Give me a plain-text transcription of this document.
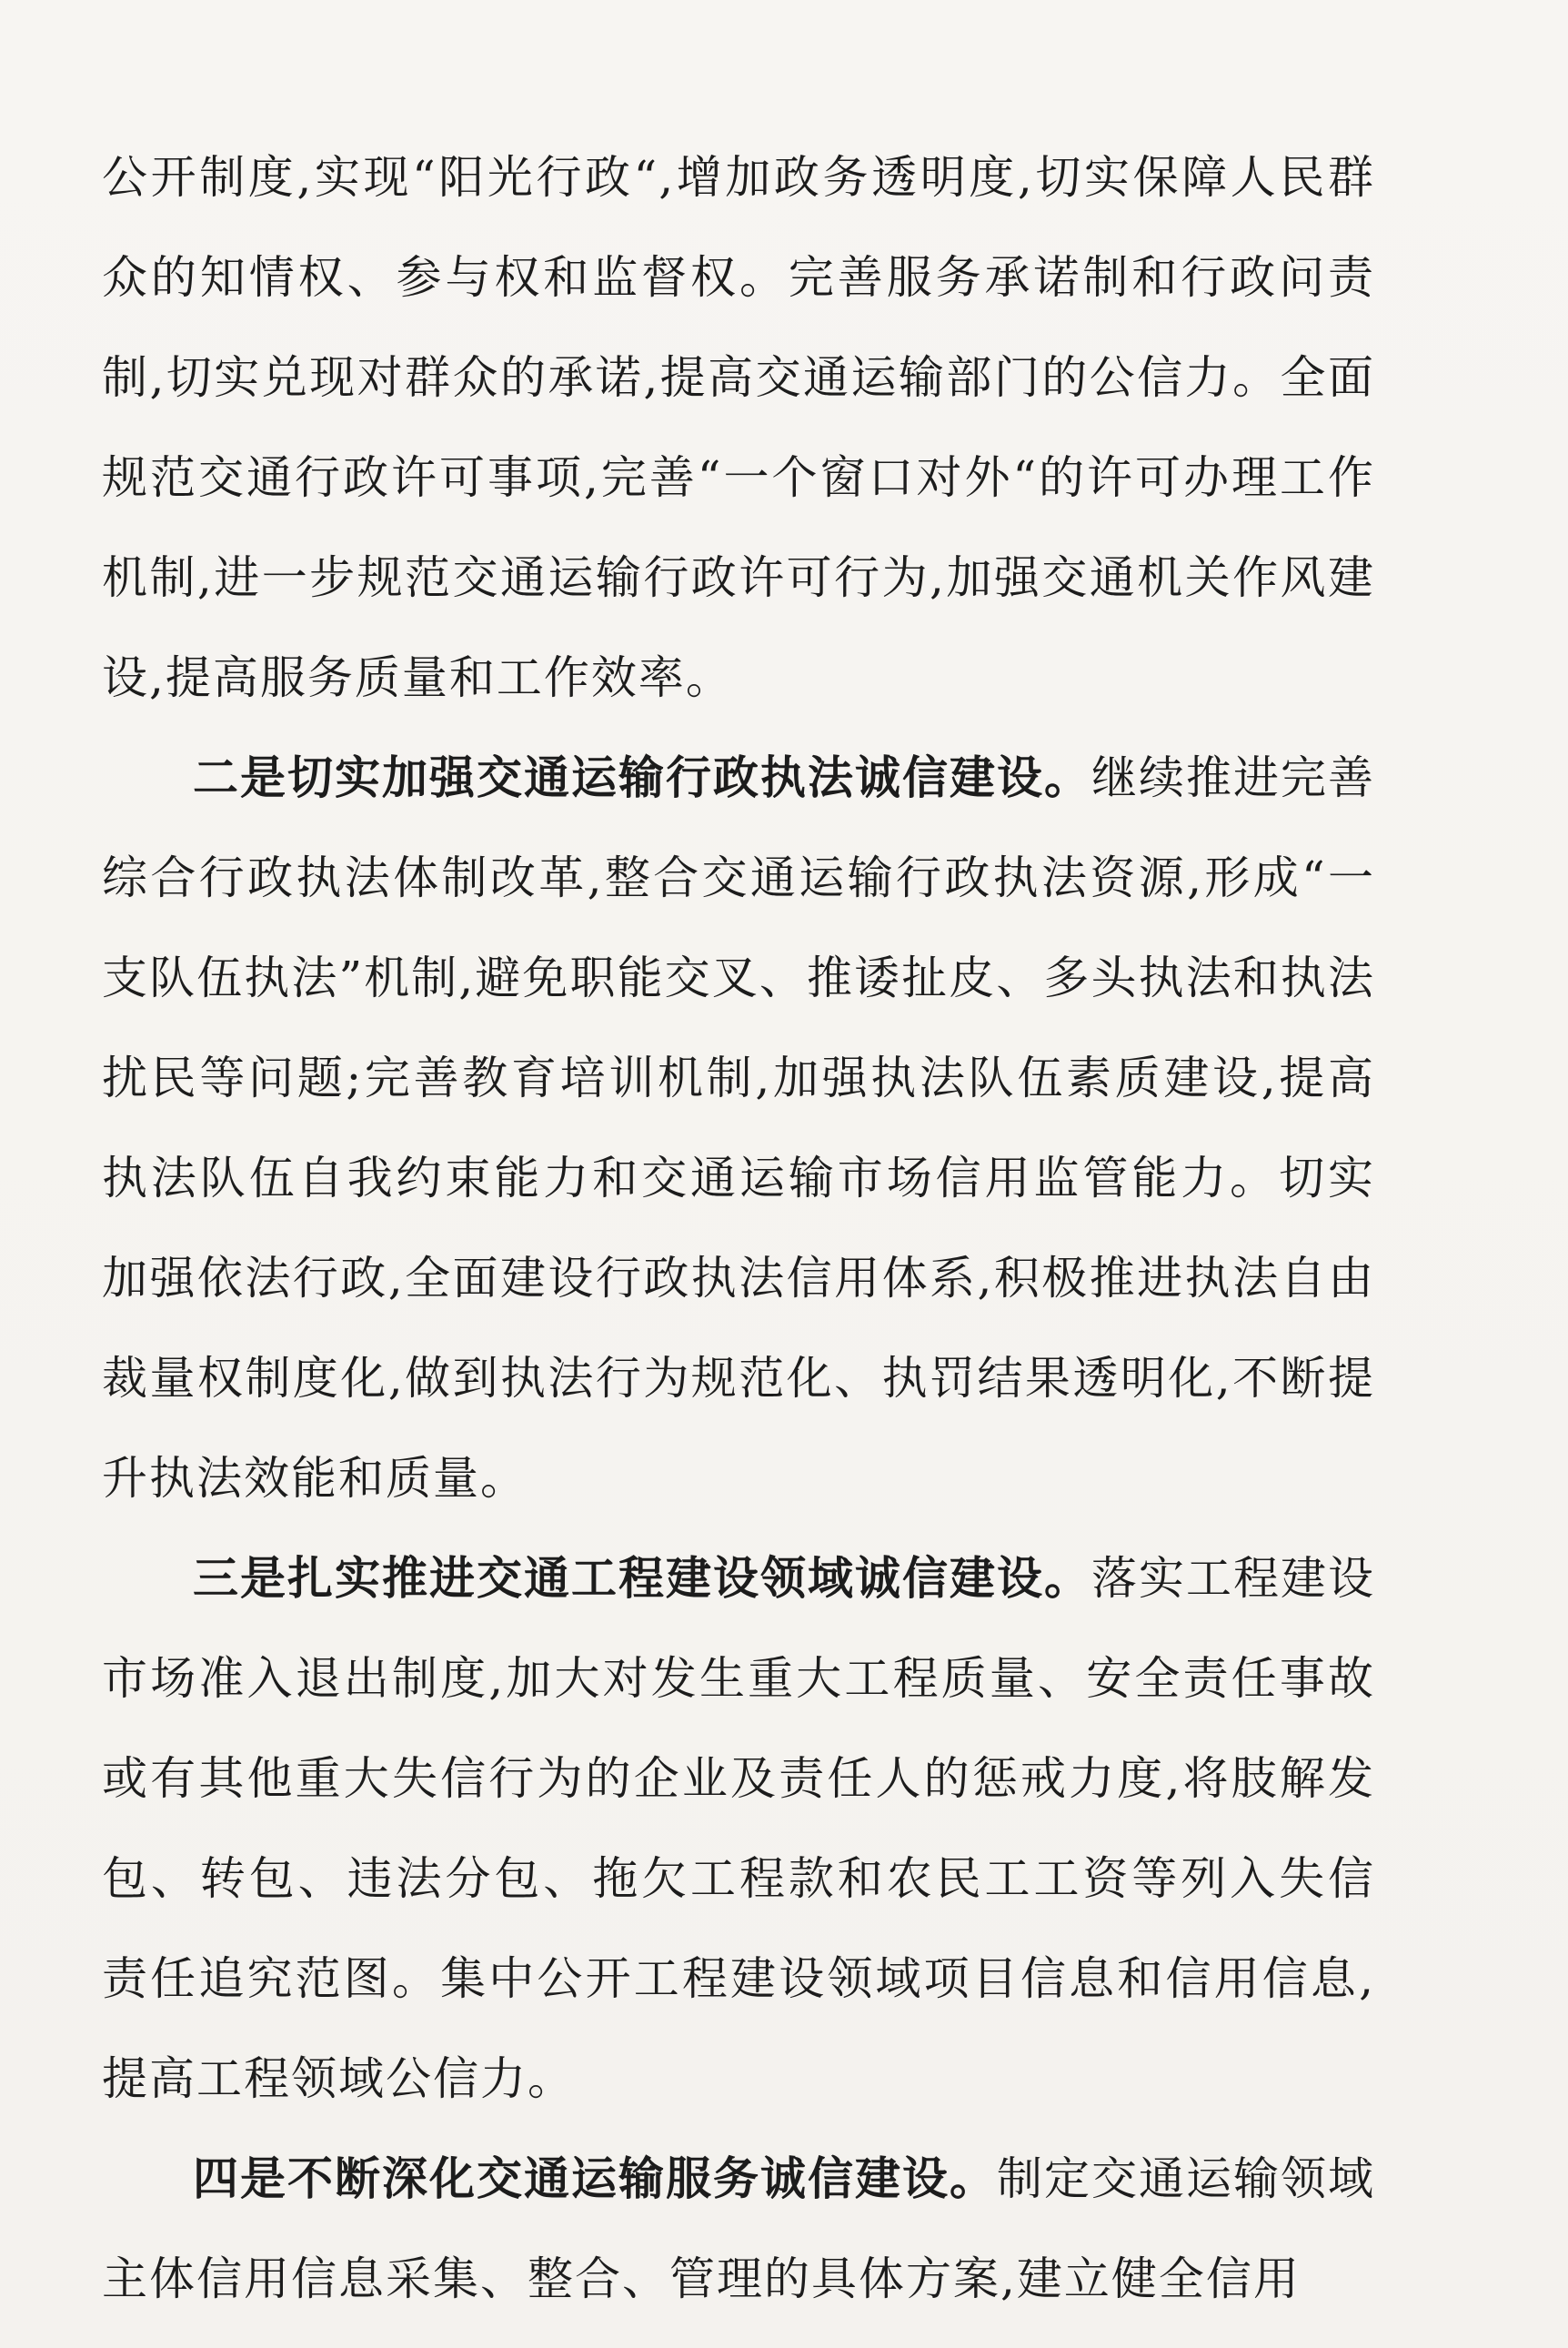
公开制度,实现“阳光行政“,增加政务透明度,切实保障人民群众的知情权、参与权和监督权。完善服务承诺制和行政问责制,切实兑现对群众的承诺,提高交通运输部门的公信力。全面规范交通行政许可事项,完善“一个窗口对外“的许可办理工作机制,进一步规范交通运输行政许可行为,加强交通机关作风建设,提高服务质量和工作效率。

二是切实加强交通运输行政执法诚信建设。继续推进完善综合行政执法体制改革,整合交通运输行政执法资源,形成“一支队伍执法”机制,避免职能交叉、推诿扯皮、多头执法和执法扰民等问题;完善教育培训机制,加强执法队伍素质建设,提高执法队伍自我约束能力和交通运输市场信用监管能力。切实加强依法行政,全面建设行政执法信用体系,积极推进执法自由裁量权制度化,做到执法行为规范化、执罚结果透明化,不断提升执法效能和质量。

三是扎实推进交通工程建设领域诚信建设。落实工程建设市场准入退出制度,加大对发生重大工程质量、安全责任事故或有其他重大失信行为的企业及责任人的惩戒力度,将肢解发包、转包、违法分包、拖欠工程款和农民工工资等列入失信责任追究范图。集中公开工程建设领域项目信息和信用信息,提高工程领域公信力。

四是不断深化交通运输服务诚信建设。制定交通运输领域主体信用信息采集、整合、管理的具体方案,建立健全信用
